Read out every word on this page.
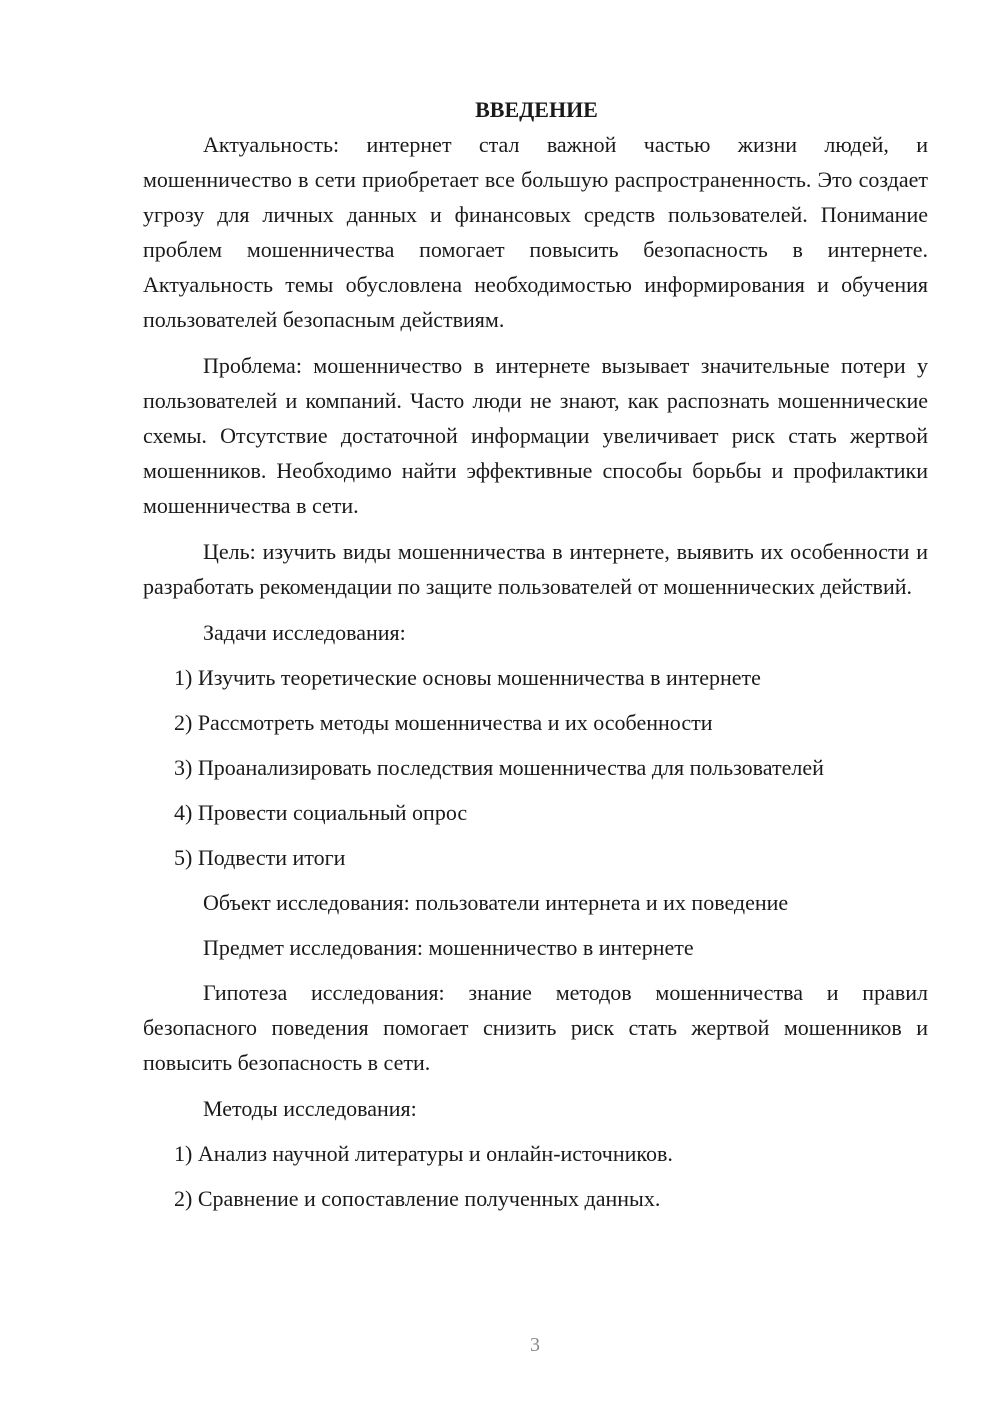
ВВЕДЕНИЕ

Актуальность: интернет стал важной частью жизни людей, и мошенничество в сети приобретает все большую распространенность. Это создает угрозу для личных данных и финансовых средств пользователей. Понимание проблем мошенничества помогает повысить безопасность в интернете. Актуальность темы обусловлена необходимостью информирования и обучения пользователей безопасным действиям.

Проблема: мошенничество в интернете вызывает значительные потери у пользователей и компаний. Часто люди не знают, как распознать мошеннические схемы. Отсутствие достаточной информации увеличивает риск стать жертвой мошенников. Необходимо найти эффективные способы борьбы и профилактики мошенничества в сети.

Цель: изучить виды мошенничества в интернете, выявить их особенности и разработать рекомендации по защите пользователей от мошеннических действий.

Задачи исследования:
1) Изучить теоретические основы мошенничества в интернете
2) Рассмотреть методы мошенничества и их особенности
3) Проанализировать последствия мошенничества для пользователей
4) Провести социальный опрос
5) Подвести итоги
Объект исследования: пользователи интернета и их поведение
Предмет исследования: мошенничество в интернете

Гипотеза исследования: знание методов мошенничества и правил безопасного поведения помогает снизить риск стать жертвой мошенников и повысить безопасность в сети.

Методы исследования:
1) Анализ научной литературы и онлайн-источников.
2) Сравнение и сопоставление полученных данных.
3
